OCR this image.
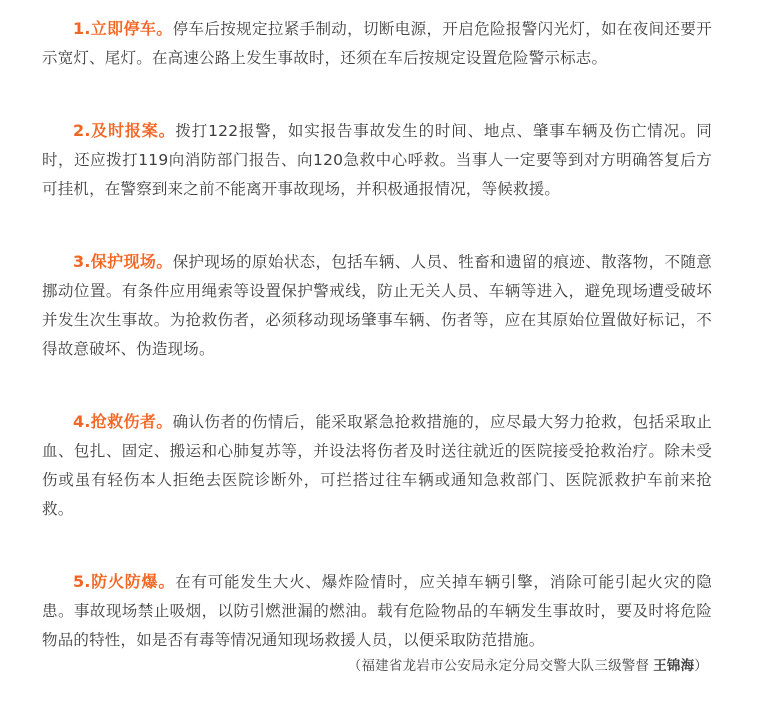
1.立即停车。停车后按规定拉紧手制动，切断电源，开启危险报警闪光灯，如在夜间还要开示宽灯、尾灯。在高速公路上发生事故时，还须在车后按规定设置危险警示标志。

2.及时报案。拨打122报警，如实报告事故发生的时间、地点、肇事车辆及伤亡情况。同时，还应拨打119向消防部门报告、向120急救中心呼救。当事人一定要等到对方明确答复后方可挂机，在警察到来之前不能离开事故现场，并积极通报情况，等候救援。

3.保护现场。保护现场的原始状态，包括车辆、人员、牲畜和遗留的痕迹、散落物，不随意挪动位置。有条件应用绳索等设置保护警戒线，防止无关人员、车辆等进入，避免现场遭受破坏并发生次生事故。为抢救伤者，必须移动现场肇事车辆、伤者等，应在其原始位置做好标记，不得故意破坏、伪造现场。

4.抢救伤者。确认伤者的伤情后，能采取紧急抢救措施的，应尽最大努力抢救，包括采取止血、包扎、固定、搬运和心肺复苏等，并设法将伤者及时送往就近的医院接受抢救治疗。除未受伤或虽有轻伤本人拒绝去医院诊断外，可拦搭过往车辆或通知急救部门、医院派救护车前来抢救。

5.防火防爆。在有可能发生大火、爆炸险情时，应关掉车辆引擎，消除可能引起火灾的隐患。事故现场禁止吸烟，以防引燃泄漏的燃油。载有危险物品的车辆发生事故时，要及时将危险物品的特性，如是否有毒等情况通知现场救援人员，以便采取防范措施。

（福建省龙岩市公安局永定分局交警大队三级警督 王锦海）
